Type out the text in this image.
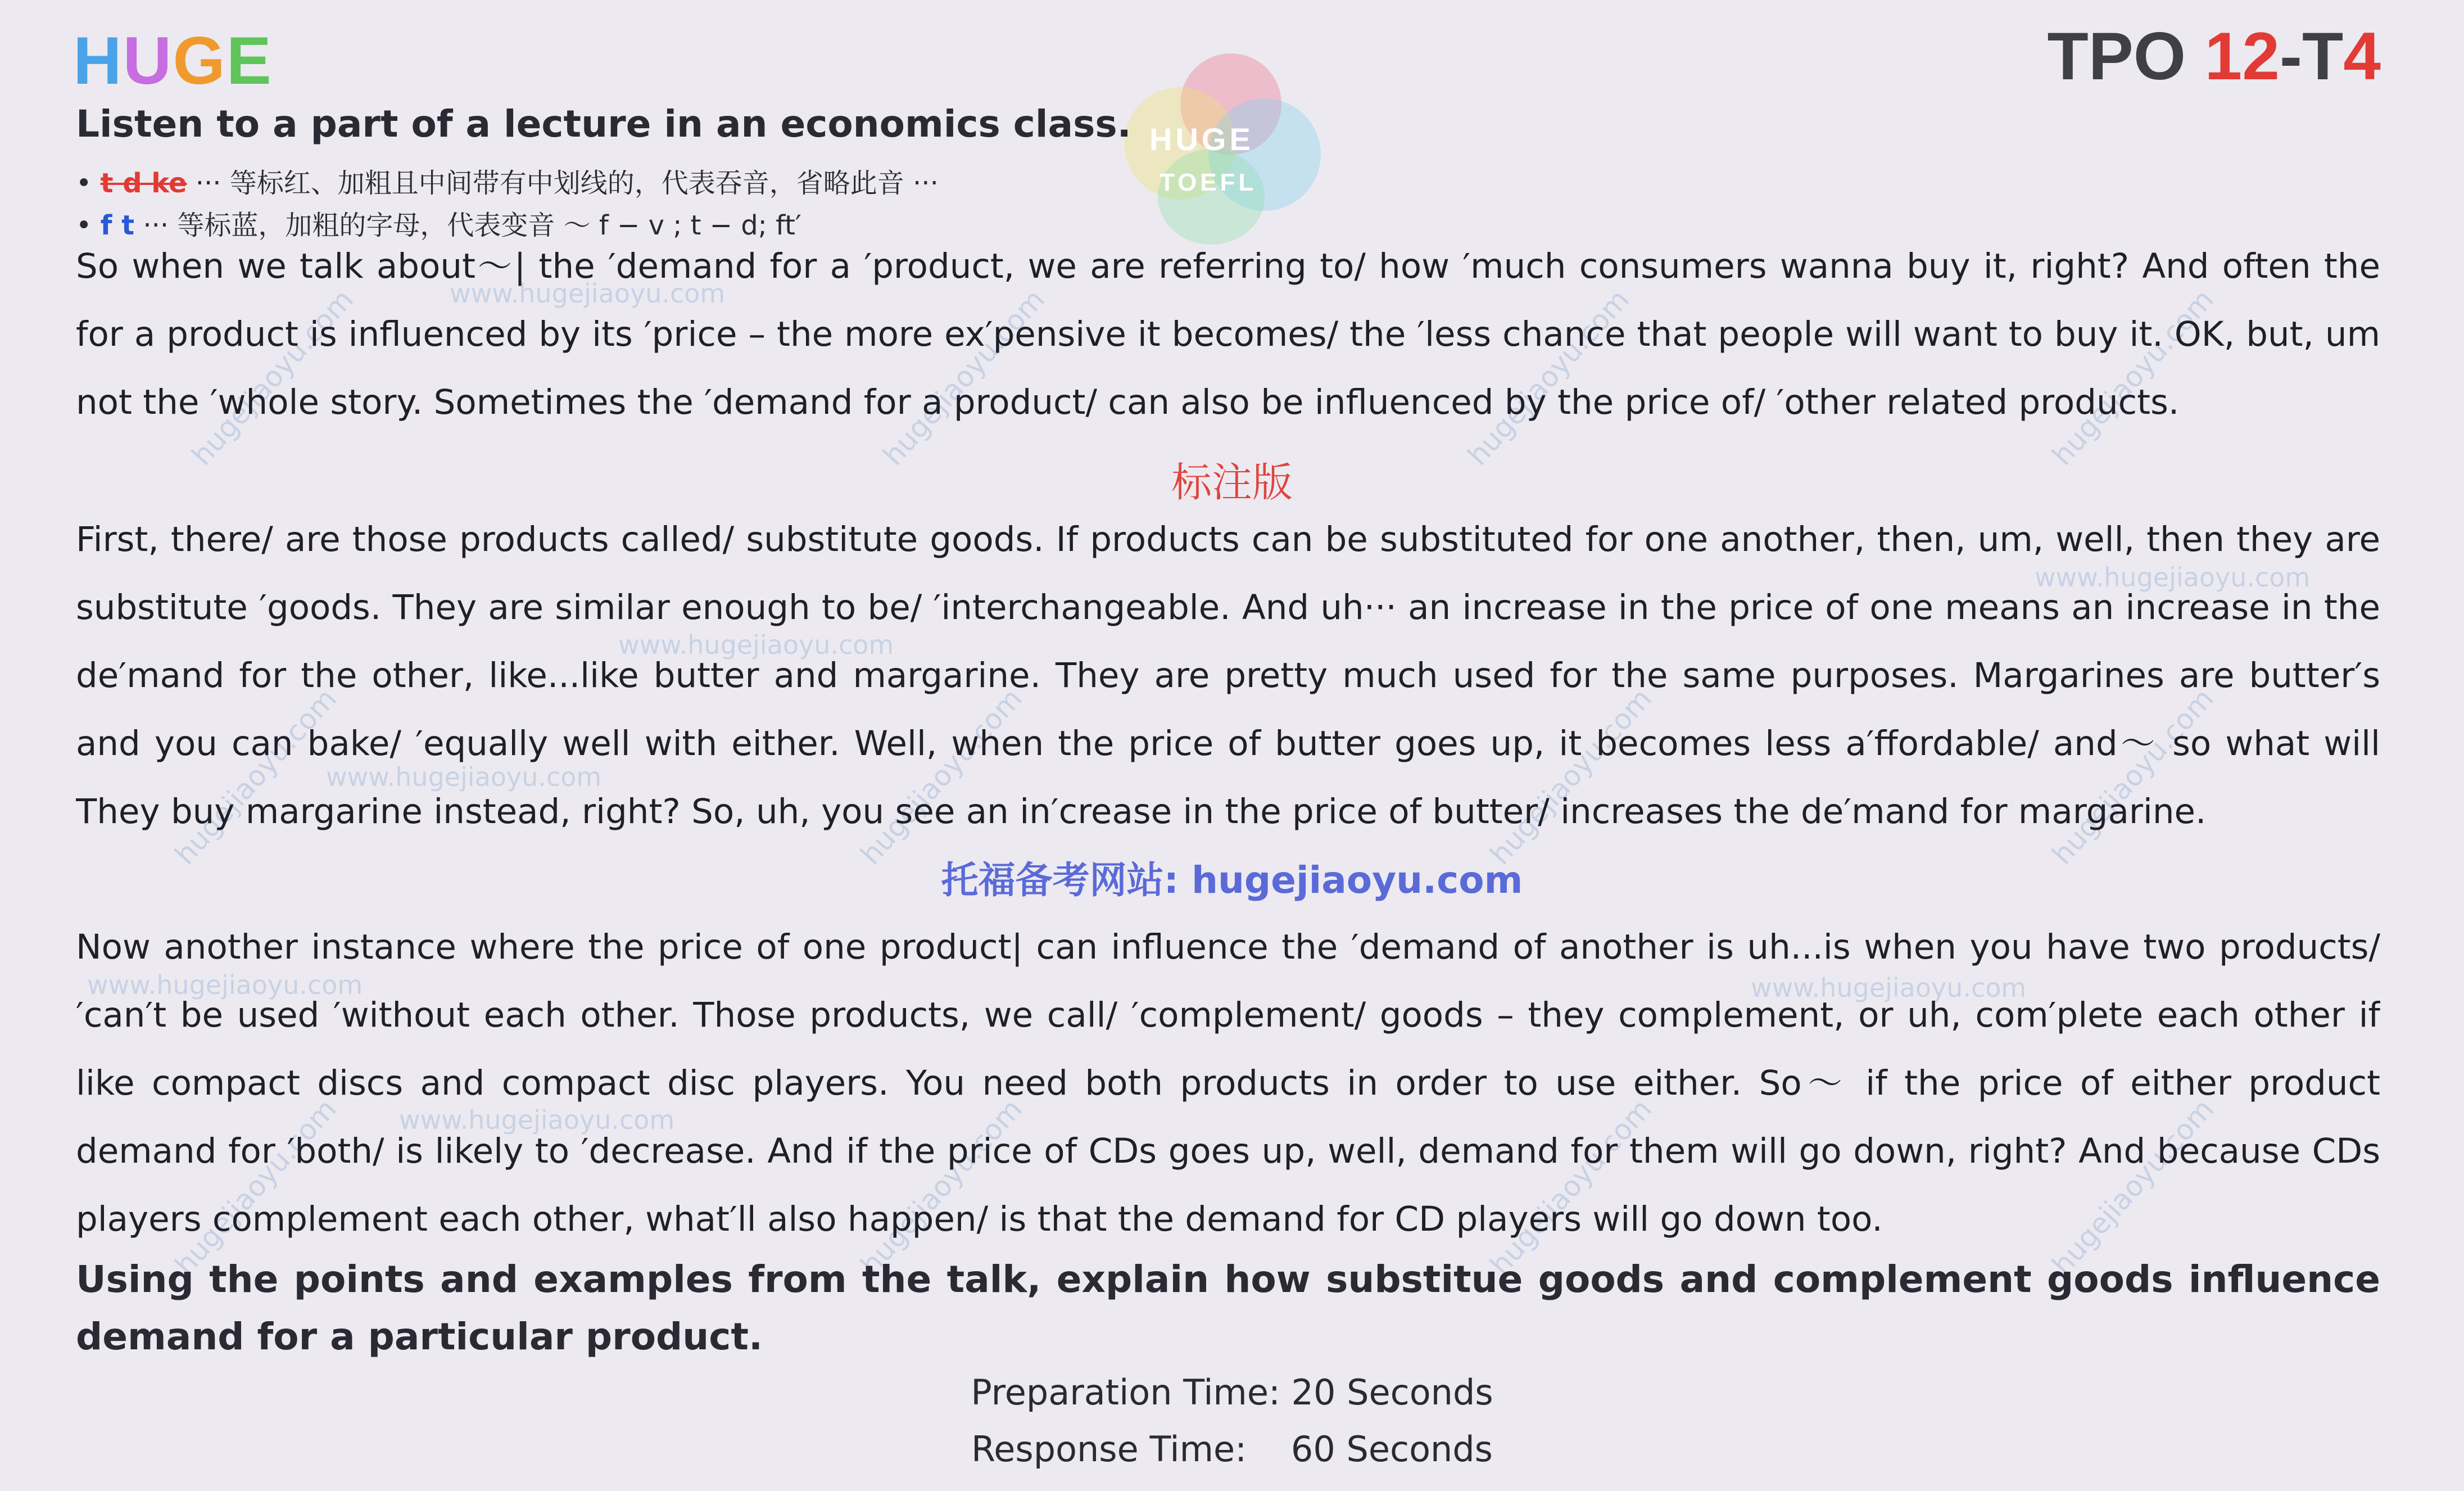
HUGE
TOEFL
hugejiaoyu.com	hugejiaoyu.com	hugejiaoyu.com	hugejiaoyu.com
hugejiaoyu.com	hugejiaoyu.com	hugejiaoyu.com	hugejiaoyu.com
hugejiaoyu.com	hugejiaoyu.com	hugejiaoyu.com	hugejiaoyu.com
www.hugejiaoyu.com
www.hugejiaoyu.com
www.hugejiaoyu.com
www.hugejiaoyu.com
www.hugejiaoyu.com	www.hugejiaoyu.com
www.hugejiaoyu.com
HUGE	TPO 12-T4
Listen to a part of a lecture in an economics class.
• t d ke ··· 等标红、加粗且中间带有中划线的，代表吞音，省略此音 ···
• f t ··· 等标蓝，加粗的字母，代表变音 ～ f − v ; t − d; ft′
So when we talk about～| the ′demand for a ′product, we are referring to/ how ′much consumers wanna buy it, right? And often the
for a product is influenced by its ′price – the more ex′pensive it becomes/ the ′less chance that people will want to buy it. OK, but, um
not the ′whole story. Sometimes the ′demand for a product/ can also be influenced by the price of/ ′other related products.
标注版
First, there/ are those products called/ substitute goods. If products can be substituted for one another, then, um, well, then they are
substitute ′goods. They are similar enough to be/ ′interchangeable. And uh··· an increase in the price of one means an increase in the
de′mand for the other, like...like butter and margarine. They are pretty much used for the same purposes. Margarines are butter′s
and you can bake/ ′equally well with either. Well, when the price of butter goes up, it becomes less a′ffordable/ and～ so what will
They buy margarine instead, right? So, uh, you see an in′crease in the price of butter/ increases the de′mand for margarine.
托福备考网站: hugejiaoyu.com
Now another instance where the price of one product| can influence the ′demand of another is uh...is when you have two products/
′can′t be used ′without each other. Those products, we call/ ′complement/ goods – they complement, or uh, com′plete each other if
like compact discs and compact disc players. You need both products in order to use either. So～ if the price of either product
demand for ′both/ is likely to ′decrease. And if the price of CDs goes up, well, demand for them will go down, right? And because CDs
players complement each other, what′ll also happen/ is that the demand for CD players will go down too.
Using the points and examples from the talk, explain how substitue goods and complement goods influence demand for a particular product.
Preparation Time: 20 Seconds
Response Time:    60 Seconds
